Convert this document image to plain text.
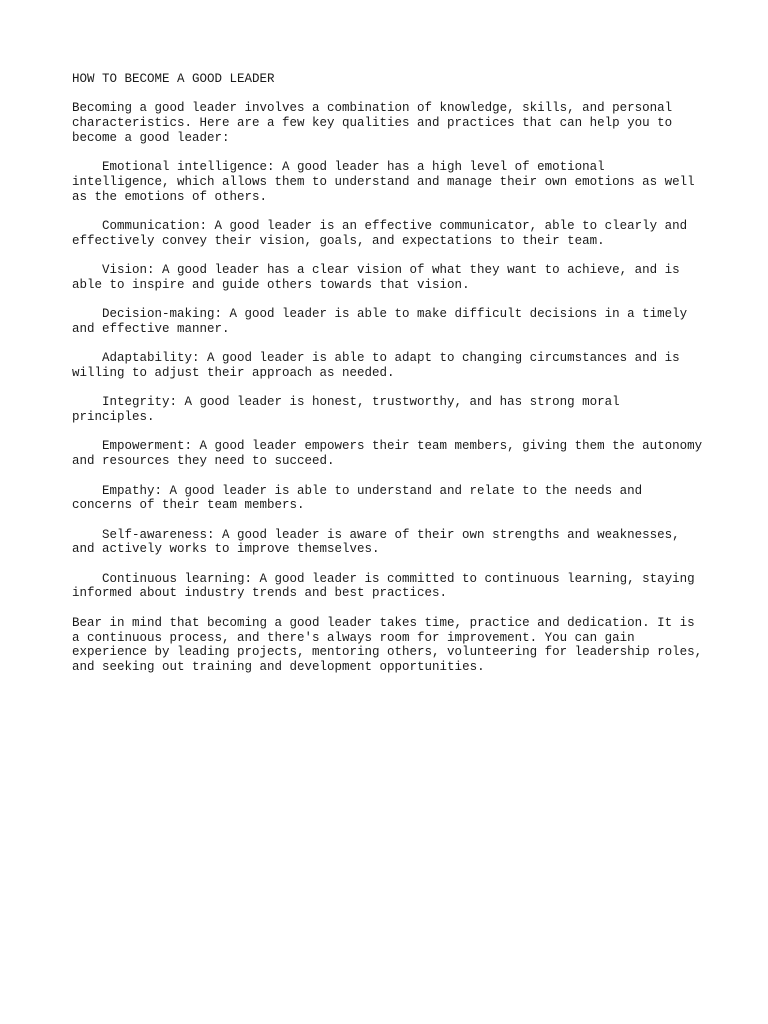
HOW TO BECOME A GOOD LEADER

Becoming a good leader involves a combination of knowledge, skills, and personal characteristics. Here are a few key qualities and practices that can help you to become a good leader:

Emotional intelligence: A good leader has a high level of emotional intelligence, which allows them to understand and manage their own emotions as well as the emotions of others.

Communication: A good leader is an effective communicator, able to clearly and effectively convey their vision, goals, and expectations to their team.

Vision: A good leader has a clear vision of what they want to achieve, and is able to inspire and guide others towards that vision.

Decision-making: A good leader is able to make difficult decisions in a timely and effective manner.

Adaptability: A good leader is able to adapt to changing circumstances and is willing to adjust their approach as needed.

Integrity: A good leader is honest, trustworthy, and has strong moral principles.

Empowerment: A good leader empowers their team members, giving them the autonomy and resources they need to succeed.

Empathy: A good leader is able to understand and relate to the needs and concerns of their team members.

Self-awareness: A good leader is aware of their own strengths and weaknesses, and actively works to improve themselves.

Continuous learning: A good leader is committed to continuous learning, staying informed about industry trends and best practices.

Bear in mind that becoming a good leader takes time, practice and dedication. It is a continuous process, and there's always room for improvement. You can gain experience by leading projects, mentoring others, volunteering for leadership roles, and seeking out training and development opportunities.
